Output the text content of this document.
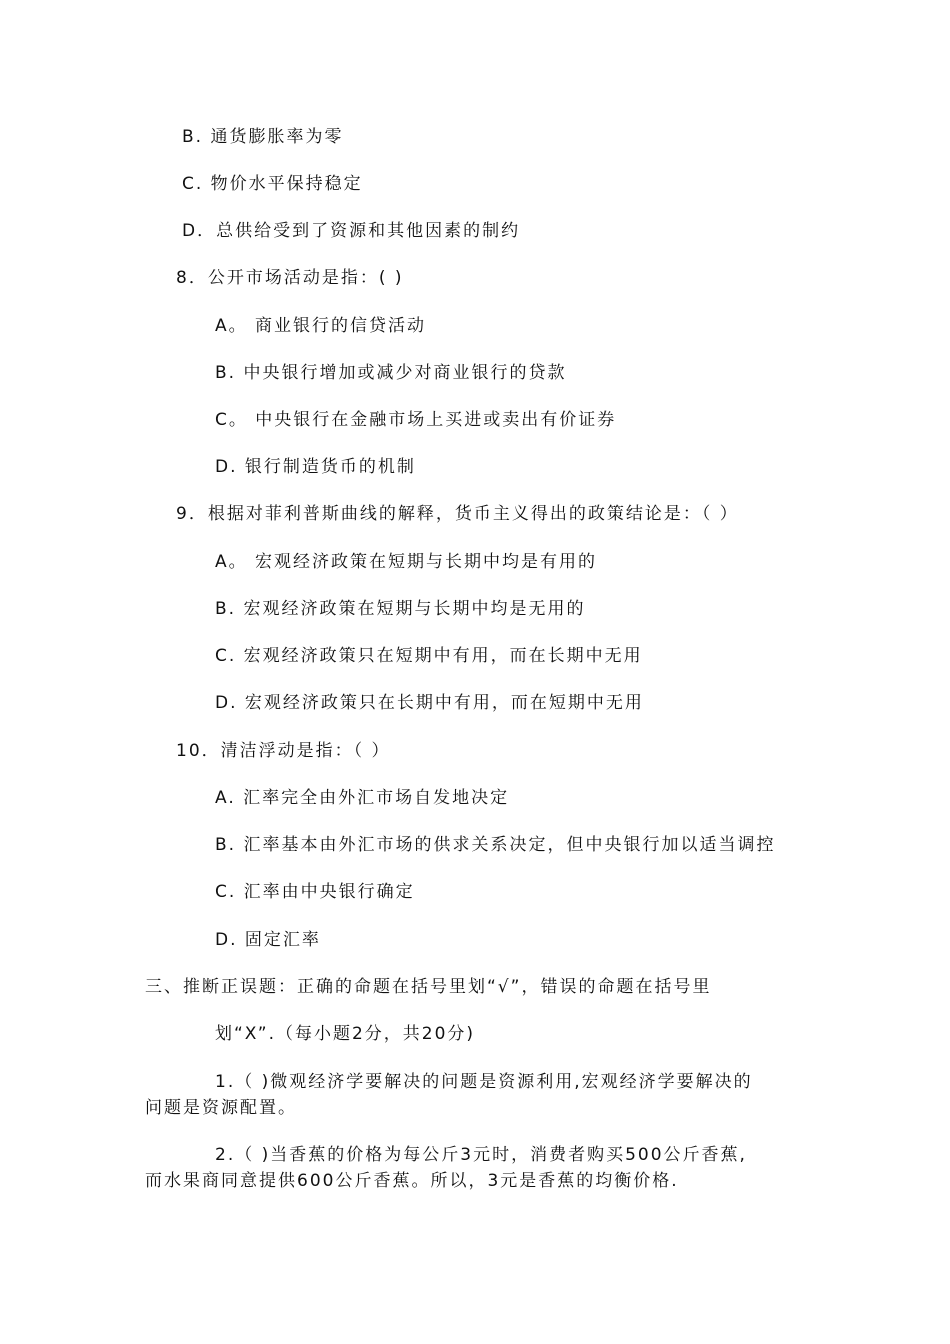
B. 通货膨胀率为零
C. 物价水平保持稳定
D．总供给受到了资源和其他因素的制约
8．公开市场活动是指：( )
A。 商业银行的信贷活动
B. 中央银行增加或减少对商业银行的贷款
C。 中央银行在金融市场上买进或卖出有价证券
D. 银行制造货币的机制
9．根据对菲利普斯曲线的解释，货币主义得出的政策结论是：（ ）
A。 宏观经济政策在短期与长期中均是有用的
B. 宏观经济政策在短期与长期中均是无用的
C. 宏观经济政策只在短期中有用，而在长期中无用
D. 宏观经济政策只在长期中有用，而在短期中无用
10．清洁浮动是指：（ ）
A. 汇率完全由外汇市场自发地决定
B. 汇率基本由外汇市场的供求关系决定，但中央银行加以适当调控
C. 汇率由中央银行确定
D. 固定汇率
三、推断正误题：正确的命题在括号里划“√”，错误的命题在括号里
划“X”.（每小题2分，共20分)
1.（ )微观经济学要解决的问题是资源利用,宏观经济学要解决的
问题是资源配置。
2.（ )当香蕉的价格为每公斤3元时，消费者购买500公斤香蕉,
而水果商同意提供600公斤香蕉。所以，3元是香蕉的均衡价格.
